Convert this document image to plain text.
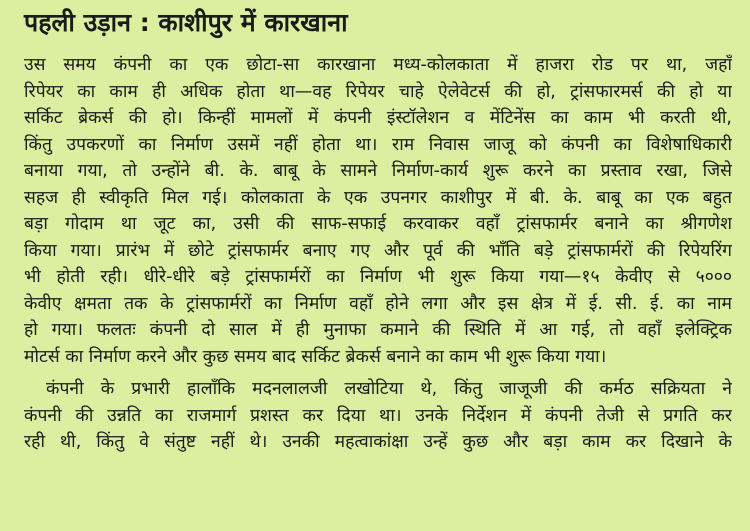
पहली उड़ान : काशीपुर में कारखाना

उस समय कंपनी का एक छोटा-सा कारखाना मध्य-कोलकाता में हाजरा रोड पर था, जहाँ
रिपेयर का काम ही अधिक होता था—वह रिपेयर चाहे ऐलेवेटर्स की हो, ट्रांसफारमर्स की हो या
सर्किट ब्रेकर्स की हो। किन्हीं मामलों में कंपनी इंस्टॉलेशन व मेंटिनेंस का काम भी करती थी,
किंतु उपकरणों का निर्माण उसमें नहीं होता था। राम निवास जाजू को कंपनी का विशेषाधिकारी
बनाया गया, तो उन्होंने बी. के. बाबू के सामने निर्माण-कार्य शुरू करने का प्रस्ताव रखा, जिसे
सहज ही स्वीकृति मिल गई। कोलकाता के एक उपनगर काशीपुर में बी. के. बाबू का एक बहुत
बड़ा गोदाम था जूट का, उसी की साफ-सफाई करवाकर वहाँ ट्रांसफार्मर बनाने का श्रीगणेश
किया गया। प्रारंभ में छोटे ट्रांसफार्मर बनाए गए और पूर्व की भाँति बड़े ट्रांसफार्मरों की रिपेयरिंग
भी होती रही। धीरे-धीरे बड़े ट्रांसफार्मरों का निर्माण भी शुरू किया गया—१५ केवीए से ५०००
केवीए क्षमता तक के ट्रांसफार्मरों का निर्माण वहाँ होने लगा और इस क्षेत्र में ई. सी. ई. का नाम
हो गया। फलतः कंपनी दो साल में ही मुनाफा कमाने की स्थिति में आ गई, तो वहाँ इलेक्ट्रिक
मोटर्स का निर्माण करने और कुछ समय बाद सर्किट ब्रेकर्स बनाने का काम भी शुरू किया गया।

कंपनी के प्रभारी हालाँकि मदनलालजी लखोटिया थे, किंतु जाजूजी की कर्मठ सक्रियता ने
कंपनी की उन्नति का राजमार्ग प्रशस्त कर दिया था। उनके निर्देशन में कंपनी तेजी से प्रगति कर
रही थी, किंतु वे संतुष्ट नहीं थे। उनकी महत्वाकांक्षा उन्हें कुछ और बड़ा काम कर दिखाने के
